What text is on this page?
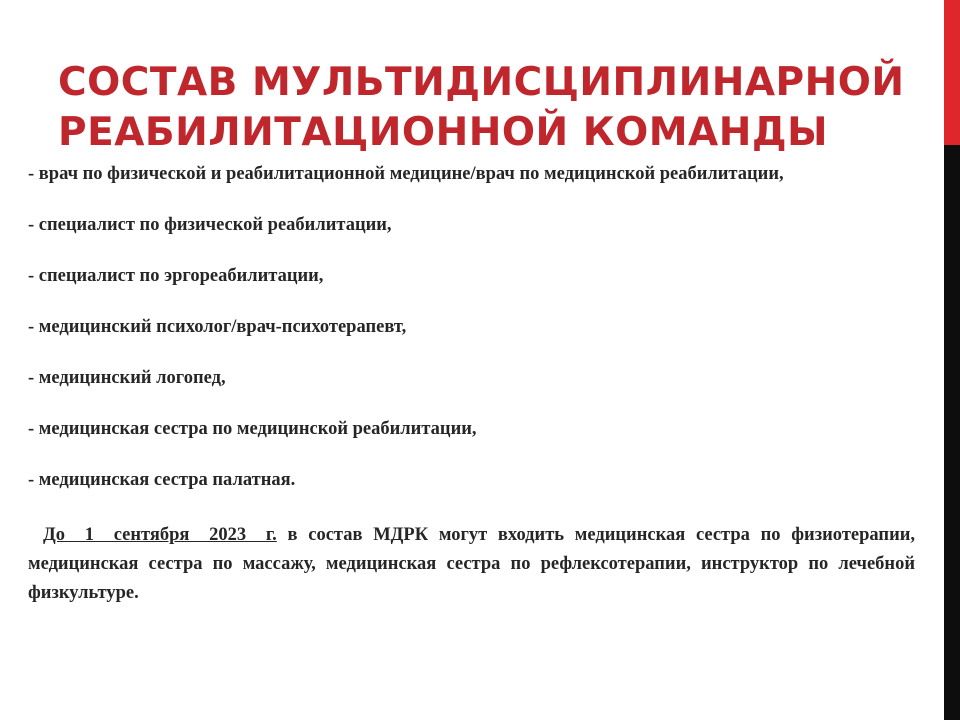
СОСТАВ МУЛЬТИДИСЦИПЛИНАРНОЙ
РЕАБИЛИТАЦИОННОЙ КОМАНДЫ

- врач по физической и реабилитационной медицине/врач по медицинской реабилитации,

- специалист по физической реабилитации,

- специалист по эргореабилитации,

- медицинский психолог/врач-психотерапевт,

- медицинский логопед,

- медицинская сестра по медицинской реабилитации,

- медицинская сестра палатная.

До 1 сентября 2023 г. в состав МДРК могут входить медицинская сестра по физиотерапии, медицинская сестра по массажу, медицинская сестра по рефлексотерапии, инструктор по лечебной физкультуре.
